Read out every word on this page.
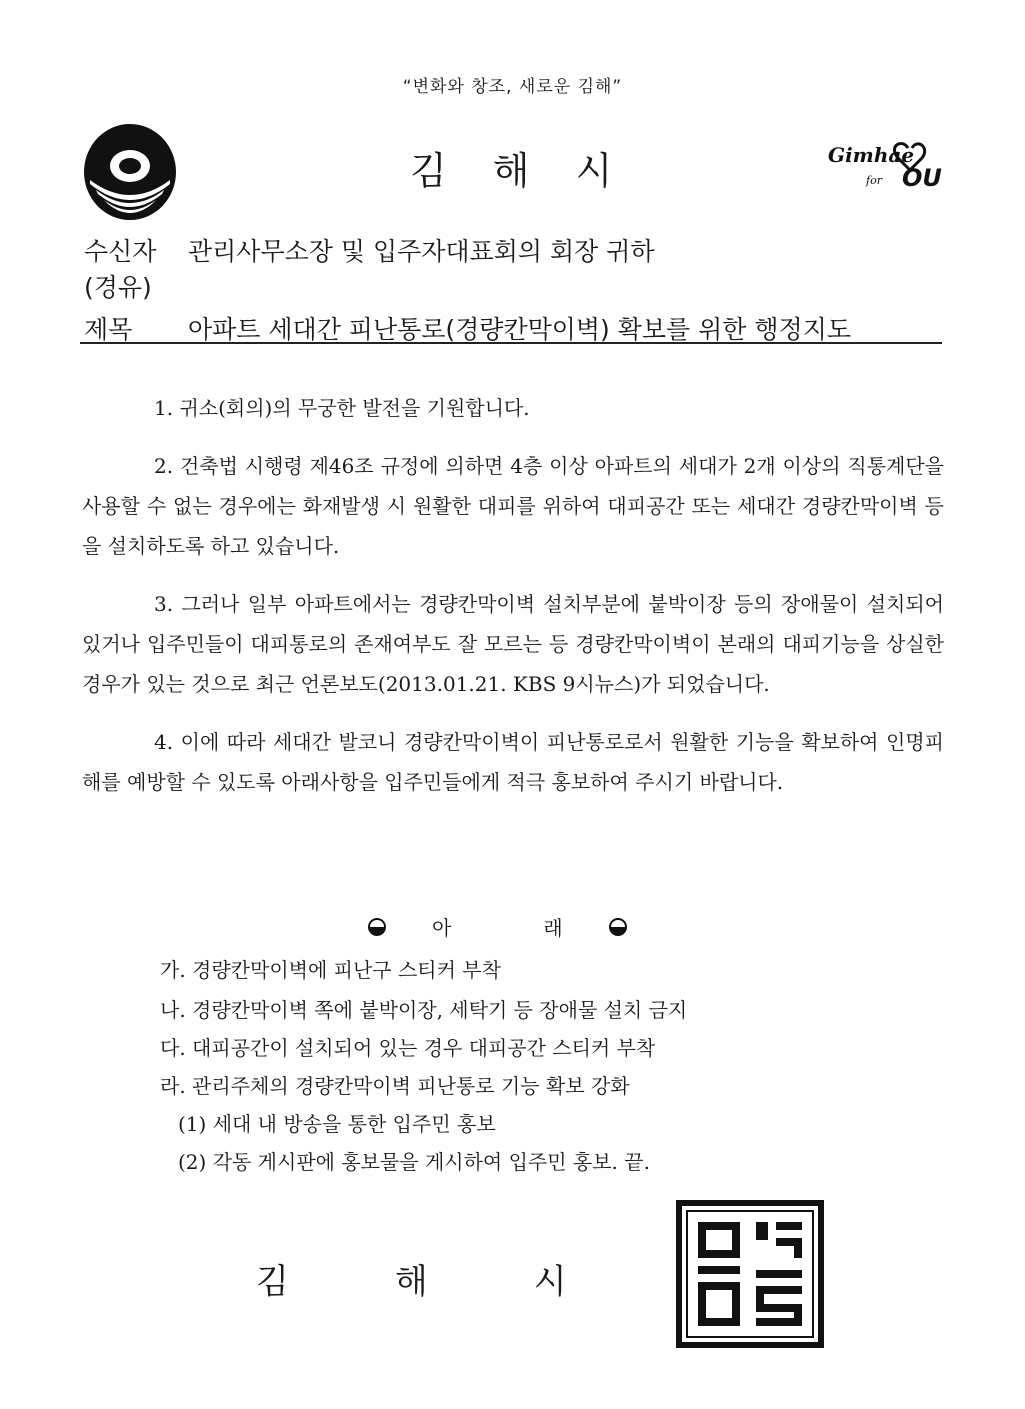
“변화와 창조, 새로운 김해”
김 해 시	Gimhae
for OU
수신자 관리사무소장 및 입주자대표회의 회장 귀하
(경유)
제목 아파트 세대간 피난통로(경량칸막이벽) 확보를 위한 행정지도

1. 귀소(회의)의 무궁한 발전을 기원합니다.

2. 건축법 시행령 제46조 규정에 의하면 4층 이상 아파트의 세대가 2개 이상의 직통계단을 사용할 수 없는 경우에는 화재발생 시 원활한 대피를 위하여 대피공간 또는 세대간 경량칸막이벽 등을 설치하도록 하고 있습니다.

3. 그러나 일부 아파트에서는 경량칸막이벽 설치부분에 붙박이장 등의 장애물이 설치되어 있거나 입주민들이 대피통로의 존재여부도 잘 모르는 등 경량칸막이벽이 본래의 대피기능을 상실한 경우가 있는 것으로 최근 언론보도(2013.01.21. KBS 9시뉴스)가 되었습니다.

4. 이에 따라 세대간 발코니 경량칸막이벽이 피난통로로서 원활한 기능을 확보하여 인명피해를 예방할 수 있도록 아래사항을 입주민들에게 적극 홍보하여 주시기 바랍니다.

아	래
가. 경량칸막이벽에 피난구 스티커 부착
나. 경량칸막이벽 쪽에 붙박이장, 세탁기 등 장애물 설치 금지
다. 대피공간이 설치되어 있는 경우 대피공간 스티커 부착
라. 관리주체의 경량칸막이벽 피난통로 기능 확보 강화
(1) 세대 내 방송을 통한 입주민 홍보
(2) 각동 게시판에 홍보물을 게시하여 입주민 홍보. 끝.
김	해	시
